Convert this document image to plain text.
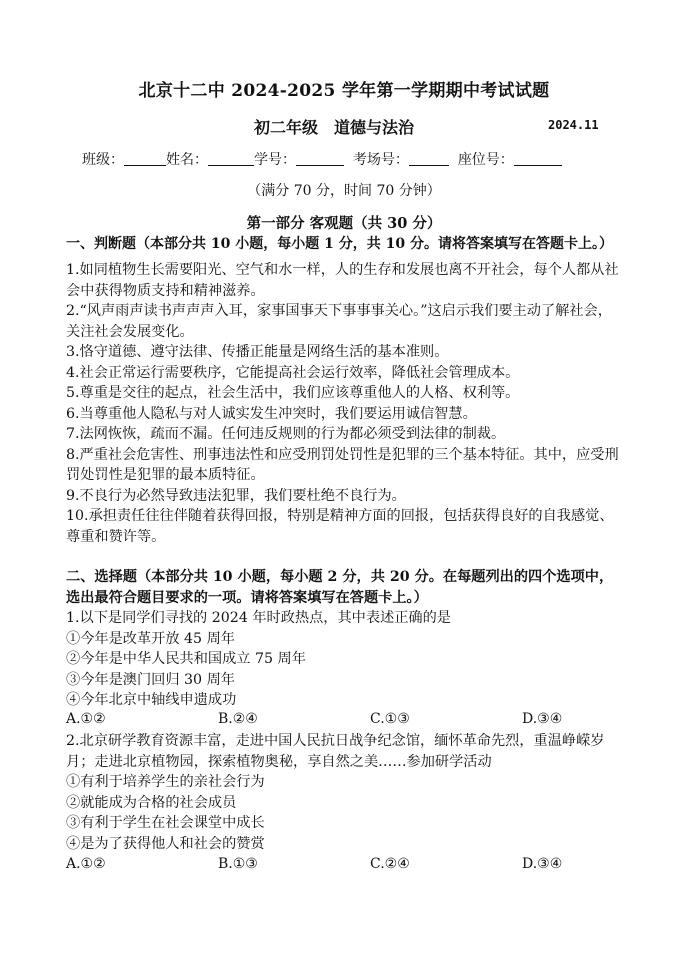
北京十二中 2024-2025 学年第一学期期中考试试题
初二年级　道德与法治	2024.11
班级：	姓名：	学号：	考场号：	座位号：
（满分 70 分，时间 70 分钟）
第一部分 客观题（共 30 分）
一、判断题（本部分共 10 小题，每小题 1 分，共 10 分。请将答案填写在答题卡上。）

1.如同植物生长需要阳光、空气和水一样，人的生存和发展也离不开社会，每个人都从社会中获得物质支持和精神滋养。

2.“风声雨声读书声声声入耳，家事国事天下事事事关心。”这启示我们要主动了解社会，关注社会发展变化。

3.恪守道德、遵守法律、传播正能量是网络生活的基本准则。

4.社会正常运行需要秩序，它能提高社会运行效率，降低社会管理成本。

5.尊重是交往的起点，社会生活中，我们应该尊重他人的人格、权利等。

6.当尊重他人隐私与对人诚实发生冲突时，我们要运用诚信智慧。

7.法网恢恢，疏而不漏。任何违反规则的行为都必须受到法律的制裁。

8.严重社会危害性、刑事违法性和应受刑罚处罚性是犯罪的三个基本特征。其中，应受刑罚处罚性是犯罪的最本质特征。

9.不良行为必然导致违法犯罪，我们要杜绝不良行为。

10.承担责任往往伴随着获得回报，特别是精神方面的回报，包括获得良好的自我感觉、尊重和赞许等。

二、选择题（本部分共 10 小题，每小题 2 分，共 20 分。在每题列出的四个选项中，选出最符合题目要求的一项。请将答案填写在答题卡上。）

1.以下是同学们寻找的 2024 年时政热点，其中表述正确的是

①今年是改革开放 45 周年

②今年是中华人民共和国成立 75 周年

③今年是澳门回归 30 周年

④今年北京中轴线申遗成功

A.①②	B.②④	C.①③	D.③④

2.北京研学教育资源丰富，走进中国人民抗日战争纪念馆，缅怀革命先烈，重温峥嵘岁月；走进北京植物园，探索植物奥秘，享自然之美……参加研学活动

①有利于培养学生的亲社会行为

②就能成为合格的社会成员

③有利于学生在社会课堂中成长

④是为了获得他人和社会的赞赏

A.①②	B.①③	C.②④	D.③④
